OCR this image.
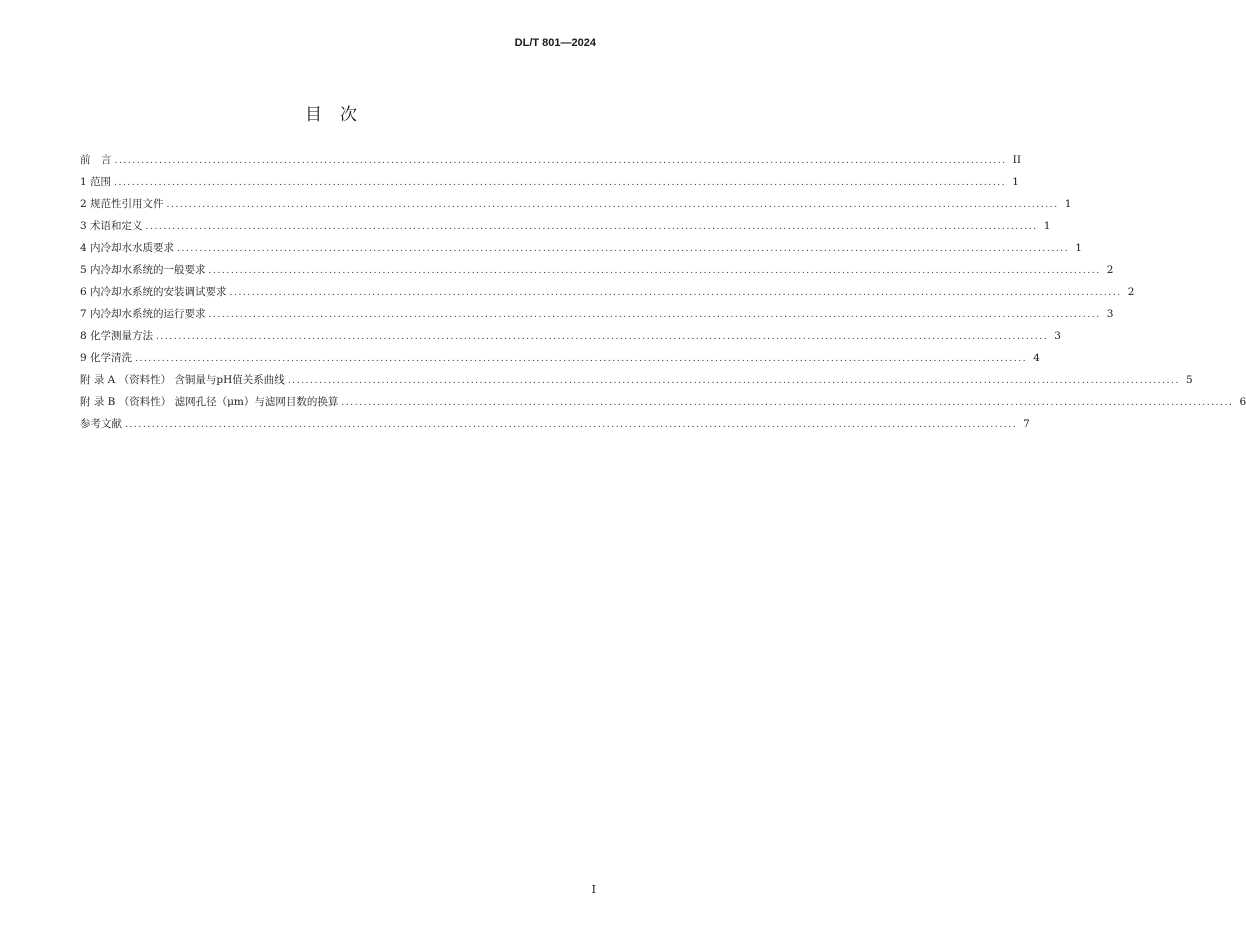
DL/T 801—2024
目次
前　言 ........................................................................................................................................................................................................ II
1 范围 ........................................................................................................................................................................................................ 1
2 规范性引用文件 ........................................................................................................................................................................................................ 1
3 术语和定义 ........................................................................................................................................................................................................ 1
4 内冷却水水质要求 ........................................................................................................................................................................................................ 1
5 内冷却水系统的一般要求 ........................................................................................................................................................................................................ 2
6 内冷却水系统的安装调试要求 ........................................................................................................................................................................................................ 2
7 内冷却水系统的运行要求 ........................................................................................................................................................................................................ 3
8 化学测量方法 ........................................................................................................................................................................................................ 3
9 化学清洗 ........................................................................................................................................................................................................ 4
附 录 A （资料性） 含铜量与pH值关系曲线 ........................................................................................................................................................................................................ 5
附 录 B （资料性） 滤网孔径（μm）与滤网目数的换算 ........................................................................................................................................................................................................ 6
参考文献 ........................................................................................................................................................................................................ 7
I
